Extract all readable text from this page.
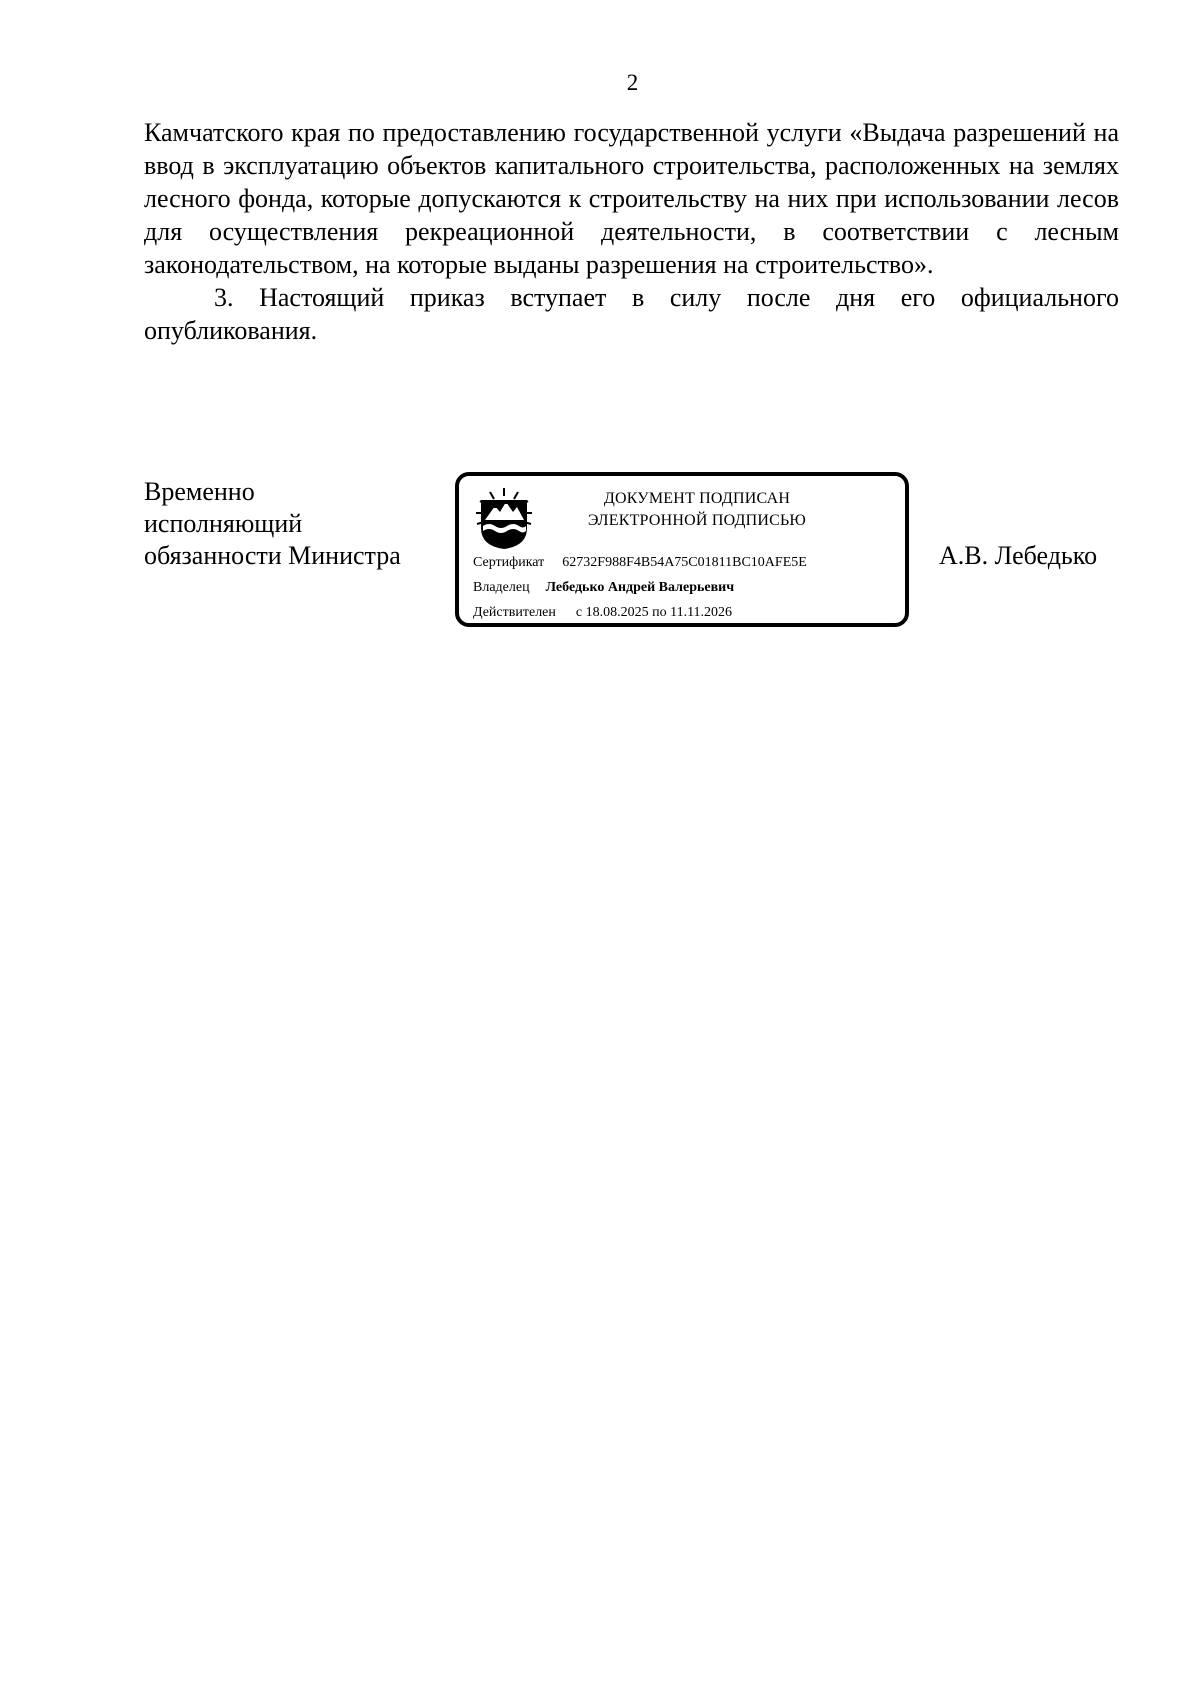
2

Камчатского края по предоставлению государственной услуги «Выдача разрешений на ввод в эксплуатацию объектов капитального строительства, расположенных на землях лесного фонда, которые допускаются к строительству на них при использовании лесов для осуществления рекреационной деятельности, в соответствии с лесным законодательством, на которые выданы разрешения на строительство».

3. Настоящий приказ вступает в силу после дня его официального опубликования.

Временно
исполняющий
обязанности Министра
ДОКУМЕНТ ПОДПИСАН
ЭЛЕКТРОННОЙ ПОДПИСЬЮ
Сертификат 62732F988F4B54A75C01811BC10AFE5E
Владелец Лебедько Андрей Валерьевич
Действителен с 18.08.2025 по 11.11.2026
А.В. Лебедько
